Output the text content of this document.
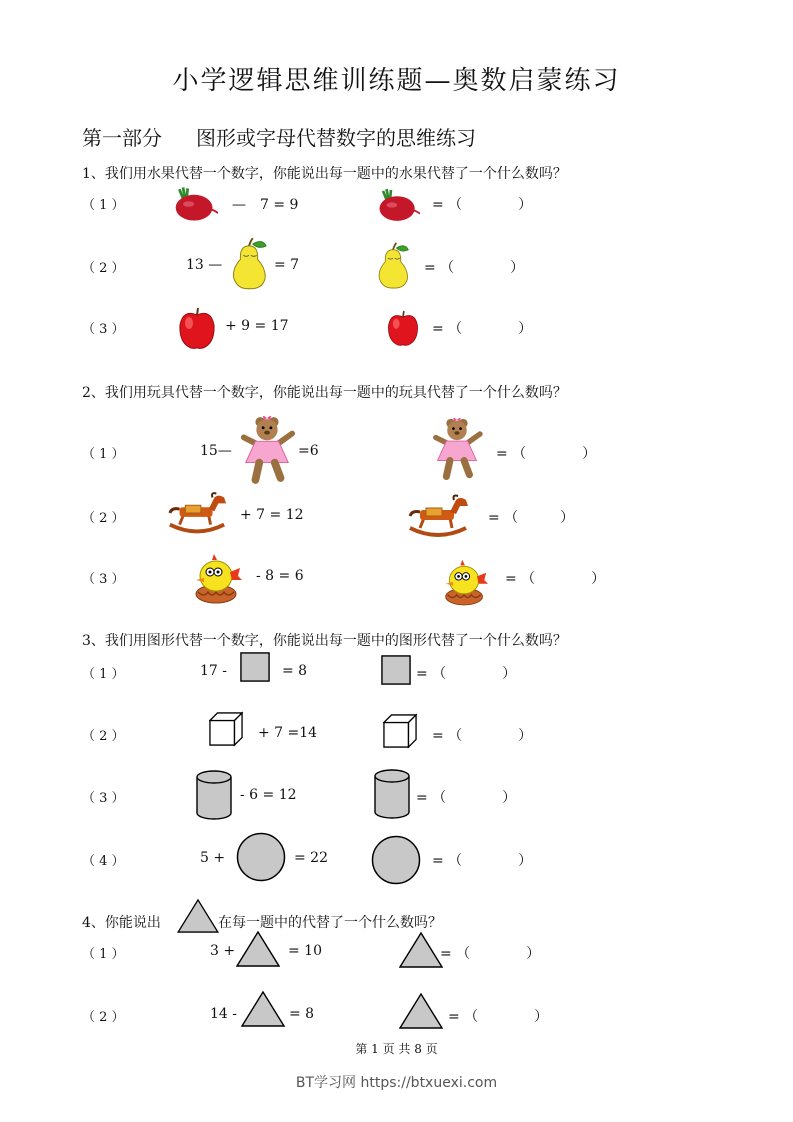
小学逻辑思维训练题—奥数启蒙练习
第一部分 图形或字母代替数字的思维练习
1、我们用水果代替一个数字，你能说出每一题中的水果代替了一个什么数吗？
（ 1 ）	—　7 = 9	= （　　　　）
（ 2 ）	13 —	= 7	= （　　　　）
（ 3 ）	+ 9 = 17	= （　　　　）
2、我们用玩具代替一个数字，你能说出每一题中的玩具代替了一个什么数吗？
（ 1 ）	15—	=6	= （　　　　）
（ 2 ）	+ 7 = 12	= （　　　）
（ 3 ）	- 8 = 6	= （　　　　）
3、我们用图形代替一个数字，你能说出每一题中的图形代替了一个什么数吗？
（ 1 ）	17 -	= 8	= （　　　　）
（ 2 ）	+ 7 =14	= （　　　　）
（ 3 ）	- 6 = 12	= （　　　　）
（ 4 ）	5 +	= 22	= （　　　　）
4、你能说出	在每一题中的代替了一个什么数吗？
（ 1 ）	3 +	= 10	= （　　　　）
（ 2 ）	14 -	= 8	= （　　　　）
第 1 页 共 8 页
BT学习网 https://btxuexi.com
